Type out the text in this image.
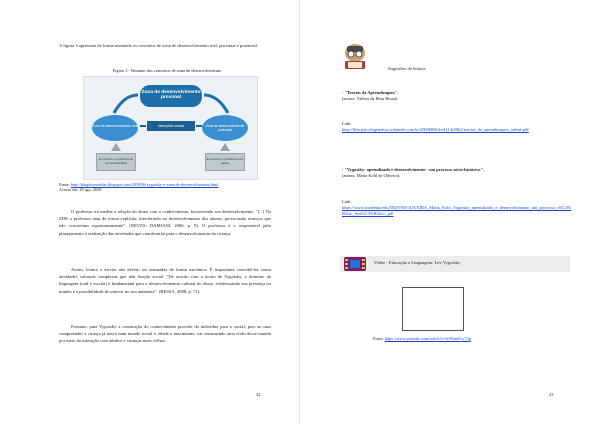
A figura 3 apresenta de forma resumida os conceitos de zona de desenvolvimento real, proximal e potencial.

Figura 3 - Resumo dos conceitos de zona de desenvolvimento
Zona de desenvolvimento proximal
Zona de desenvolvimento real	Interações sociais	Zona de desenvolvimento potencial
Eu resolvo o problema de forma individual
Eu resolvo o problema com ajuda
Fonte: http://blogdozenaidas.blogspot.com/2018/06/vygotsky-e-zona-de-desenvolvimento.html
Acesso em: 29 ago. 2020.

O professor irá mediar a relação do aluno com o conhecimento, favorecendo seu desenvolvimento. "[...] Na ZDP, o professor atua de forma explícita, interferindo no desenvolvimento dos alunos, provocando avanços que não ocorreriam espontaneamente". (NEVES; DAMIANI, 2006, p. 9). O professor é o responsável pelo planejamento e realização das atividades que contribuirão para o desenvolvimento da criança.

Assim, leitura e escrita não devem ser ensinadas de forma mecânica. É importante concebê-las como atividades culturais complexas que têm função social. "De acordo com a teoria de Vygotsky, o domínio da linguagem (oral e escrita) é fundamental para o desenvolvimento cultural do aluno, evidenciando sua presença no mundo e a possibilidade de intervir no seu ambiente". (BESSA, 2008, p. 71).

Portanto, para Vygotsky a construção do conhecimento procede do indivíduo para o social, pois ao usar compreender a criança já nasce num mundo social e, desde o nascimento, vai construindo uma visão desse mundo por meio da interação com adultos e crianças mais velhas.

22
Sugestões de leitura:
- "Teorias da Aprendizagem".
(autora: Valéria da Hora Bessa).
Link:
http://files.psicologiaedcia.webnode.com.br/200000064-e4114e50b2/teorias_da_aprendizagem_online.pdf
- "Vygotsky: aprendizado e desenvolvimento - um processo sócio-histórico".
(autora: Marta Kohl de Oliveira).
Link:
https://www.academia.edu/5829705/OLIVEIRA_Marta_Kohl_Vygotsky_aprendizado_e_desenvolvimento_um_processo_s%C3%B3cio_hist%C3%B3rico_pdf
Vídeo - Educação e Linguagem: Lev Vygotsky
Fonte: https://www.youtube.com/watch?v=lvlWmtfCy74g
23
